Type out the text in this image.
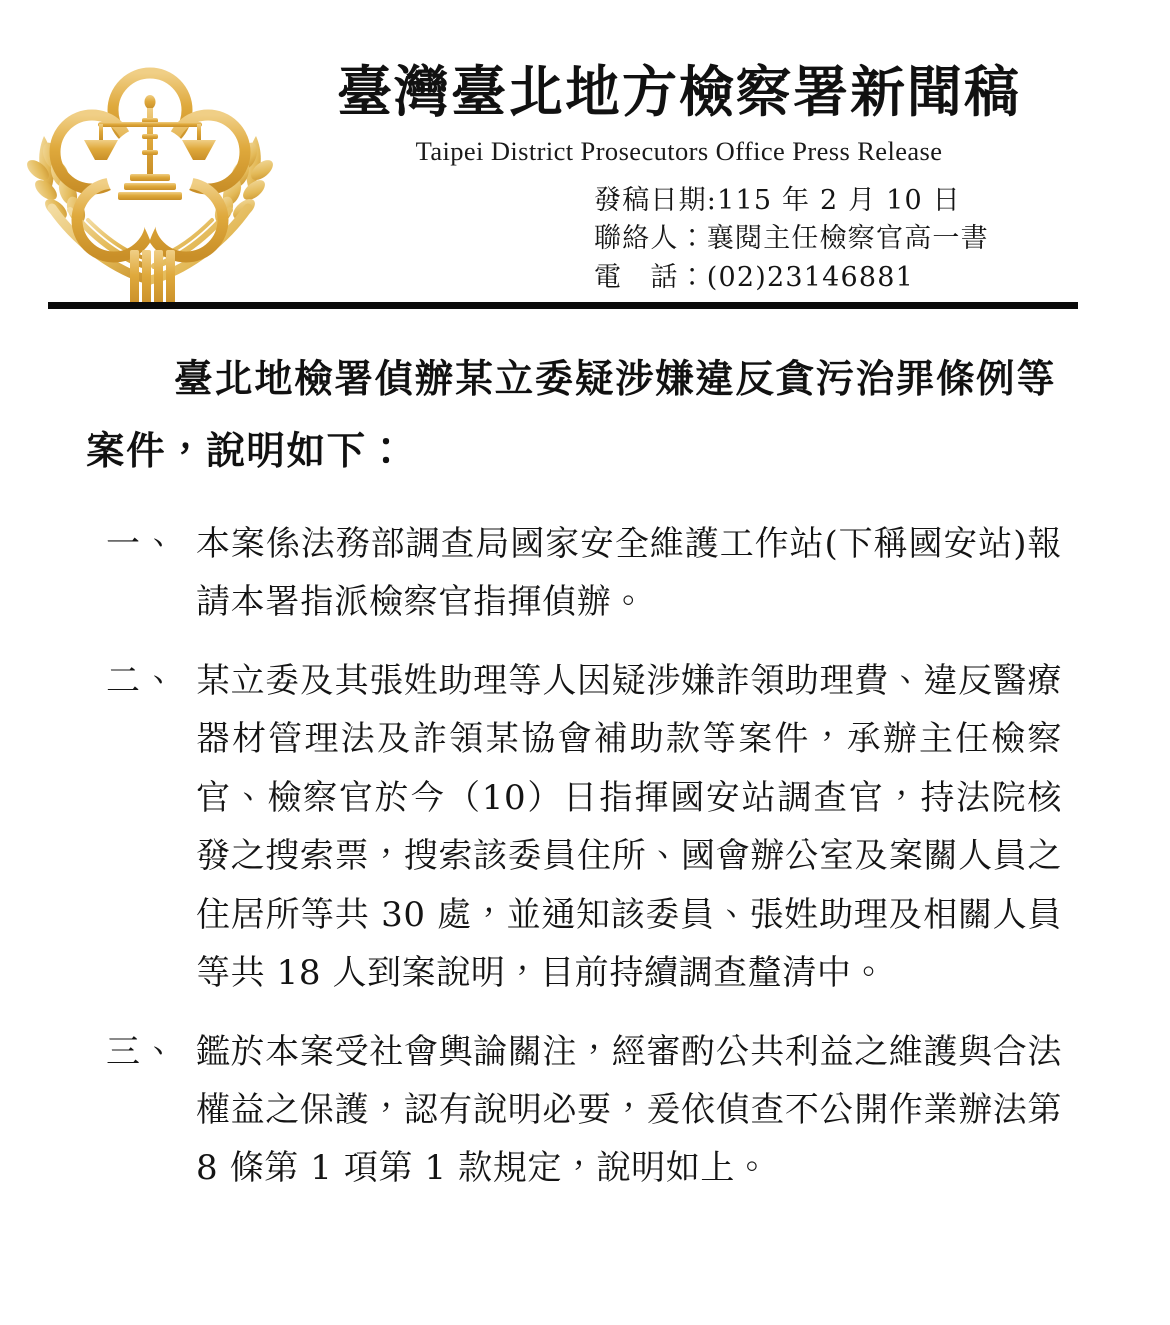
臺灣臺北地方檢察署新聞稿
Taipei District Prosecutors Office Press Release
發稿日期:115 年 2 月 10 日
聯絡人：襄閱主任檢察官高一書
電　話：(02)23146881

臺北地檢署偵辦某立委疑涉嫌違反貪污治罪條例等案件，說明如下：

一、 本案係法務部調查局國家安全維護工作站(下稱國安站)報請本署指派檢察官指揮偵辦。
二、 某立委及其張姓助理等人因疑涉嫌詐領助理費、違反醫療器材管理法及詐領某協會補助款等案件，承辦主任檢察官、檢察官於今（10）日指揮國安站調查官，持法院核發之搜索票，搜索該委員住所、國會辦公室及案關人員之住居所等共 30 處，並通知該委員、張姓助理及相關人員等共 18 人到案說明，目前持續調查釐清中。
三、 鑑於本案受社會輿論關注，經審酌公共利益之維護與合法權益之保護，認有說明必要，爰依偵查不公開作業辦法第 8 條第 1 項第 1 款規定，說明如上。
